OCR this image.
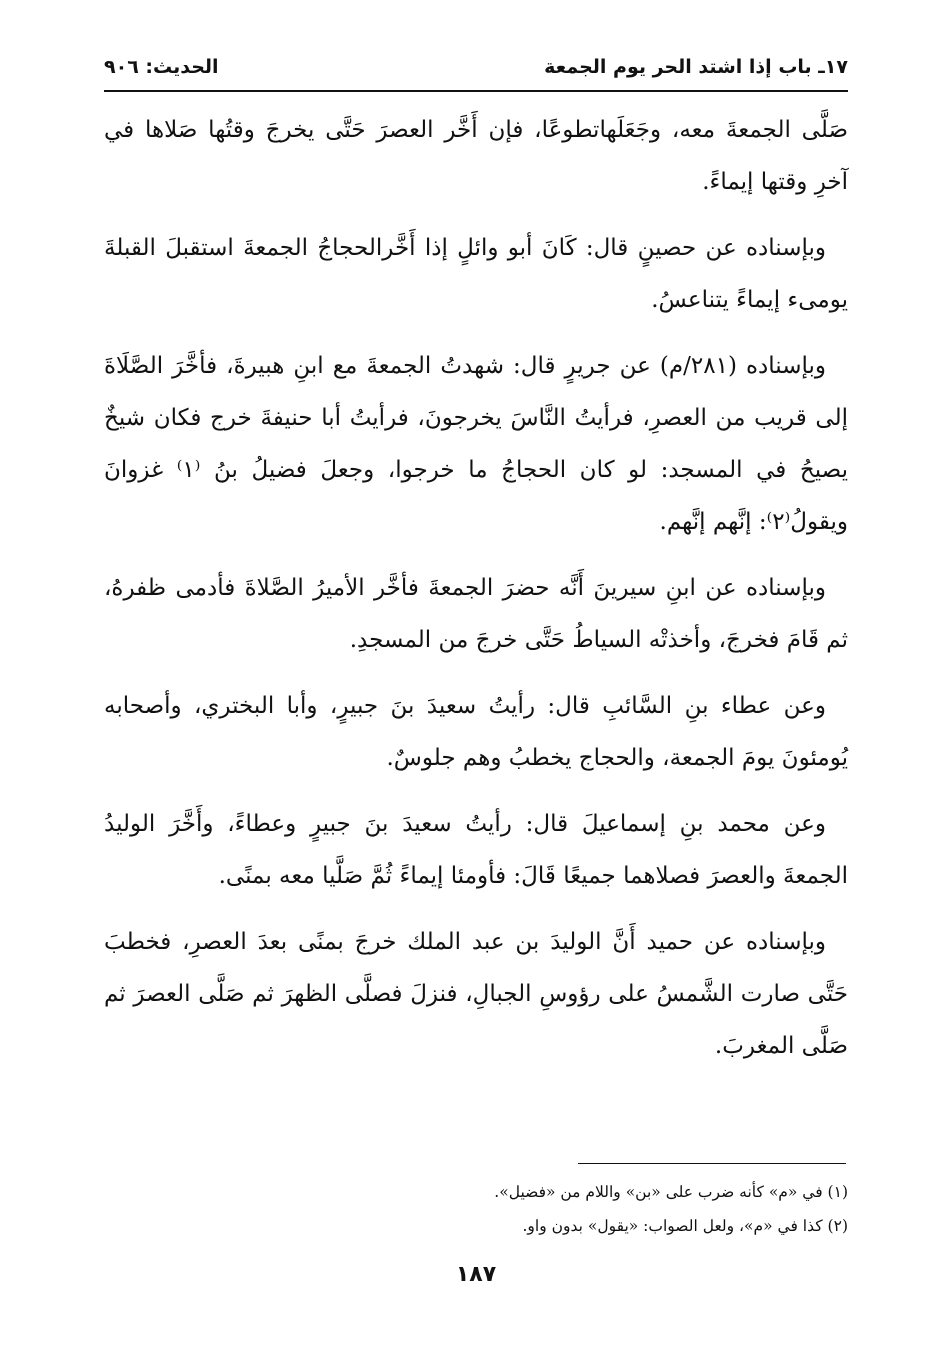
١٧ـ باب إذا اشتد الحر يوم الجمعة
الحديث: ٩٠٦

صَلَّى الجمعةَ معه، وجَعَلَهاتطوعًا، فإن أَخَّر العصرَ حَتَّى يخرجَ وقتُها صَلاها في آخرِ وقتها إيماءً.

وبإسناده عن حصينٍ قال: كَانَ أبو وائلٍ إذا أَخَّرالحجاجُ الجمعةَ استقبلَ القبلةَ يومىء إيماءً يتناعسُ.

وبإسناده (٢٨١/م) عن جريرٍ قال: شهدتُ الجمعةَ مع ابنِ هبيرةَ، فأخَّرَ الصَّلَاةَ إلى قريب من العصرِ، فرأيتُ النَّاسَ يخرجونَ، فرأيتُ أبا حنيفةَ خرج فكان شيخٌ يصيحُ في المسجد: لو كان الحجاجُ ما خرجوا، وجعلَ فضيلُ بنُ ⁽١⁾ غزوانَ ويقولُ⁽٢⁾: إنَّهم إنَّهم.

وبإسناده عن ابنِ سيرينَ أَنَّه حضرَ الجمعةَ فأخَّر الأميرُ الصَّلاةَ فأدمى ظفرهُ، ثم قَامَ فخرجَ، وأخذتْه السياطُ حَتَّى خرجَ من المسجدِ.

وعن عطاء بنِ السَّائبِ قال: رأيتُ سعيدَ بنَ جبيرٍ، وأبا البختري، وأصحابه يُومئونَ يومَ الجمعة، والحجاج يخطبُ وهم جلوسٌ.

وعن محمد بنِ إسماعيلَ قال: رأيتُ سعيدَ بنَ جبيرٍ وعطاءً، وأَخَّرَ الوليدُ الجمعةَ والعصرَ فصلاهما جميعًا قَالَ: فأومئا إيماءً ثُمَّ صَلَّيا معه بمنًى.

وبإسناده عن حميد أَنَّ الوليدَ بن عبد الملك خرجَ بمنًى بعدَ العصرِ، فخطبَ حَتَّى صارت الشَّمسُ على رؤوسِ الجبالِ، فنزلَ فصلَّى الظهرَ ثم صَلَّى العصرَ ثم صَلَّى المغربَ.

(١) في «م» كأنه ضرب على «بن» واللام من «فضيل».

(٢) كذا في «م»، ولعل الصواب: «يقول» بدون واو.

١٨٧
